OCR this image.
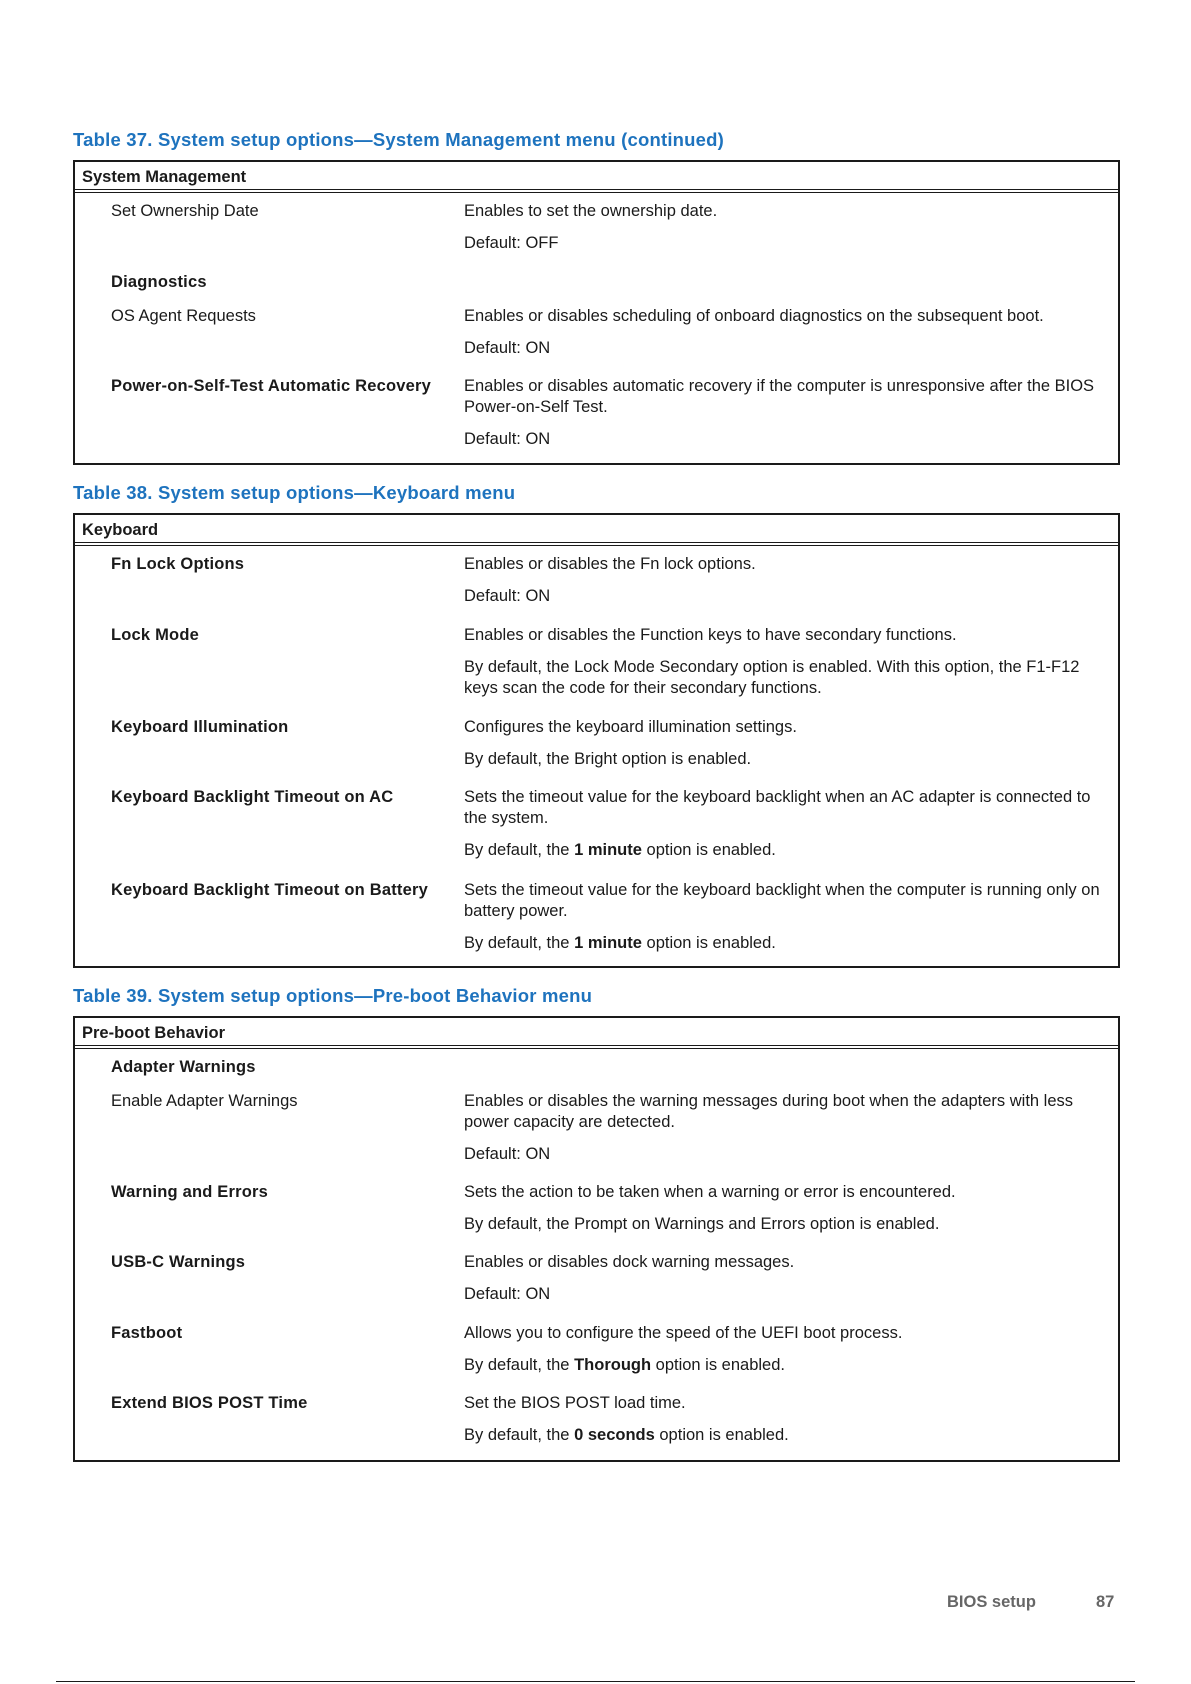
Table 37. System setup options—System Management menu (continued)
System Management
Set Ownership Date	Enables to set the ownership date.

Default: OFF

Diagnostics
OS Agent Requests	Enables or disables scheduling of onboard diagnostics on the subsequent boot.

Default: ON

Power-on-Self-Test Automatic Recovery	Enables or disables automatic recovery if the computer is unresponsive after the BIOS Power-on-Self Test.

Default: ON

Table 38. System setup options—Keyboard menu
Keyboard
Fn Lock Options	Enables or disables the Fn lock options.

Default: ON

Lock Mode	Enables or disables the Function keys to have secondary functions.

By default, the Lock Mode Secondary option is enabled. With this option, the F1-F12 keys scan the code for their secondary functions.

Keyboard Illumination	Configures the keyboard illumination settings.

By default, the Bright option is enabled.

Keyboard Backlight Timeout on AC	Sets the timeout value for the keyboard backlight when an AC adapter is connected to the system.

By default, the 1 minute option is enabled.

Keyboard Backlight Timeout on Battery	Sets the timeout value for the keyboard backlight when the computer is running only on battery power.

By default, the 1 minute option is enabled.

Table 39. System setup options—Pre-boot Behavior menu
Pre-boot Behavior
Adapter Warnings
Enable Adapter Warnings	Enables or disables the warning messages during boot when the adapters with less power capacity are detected.

Default: ON

Warning and Errors	Sets the action to be taken when a warning or error is encountered.

By default, the Prompt on Warnings and Errors option is enabled.

USB-C Warnings	Enables or disables dock warning messages.

Default: ON

Fastboot	Allows you to configure the speed of the UEFI boot process.

By default, the Thorough option is enabled.

Extend BIOS POST Time	Set the BIOS POST load time.

By default, the 0 seconds option is enabled.

BIOS setup	87
